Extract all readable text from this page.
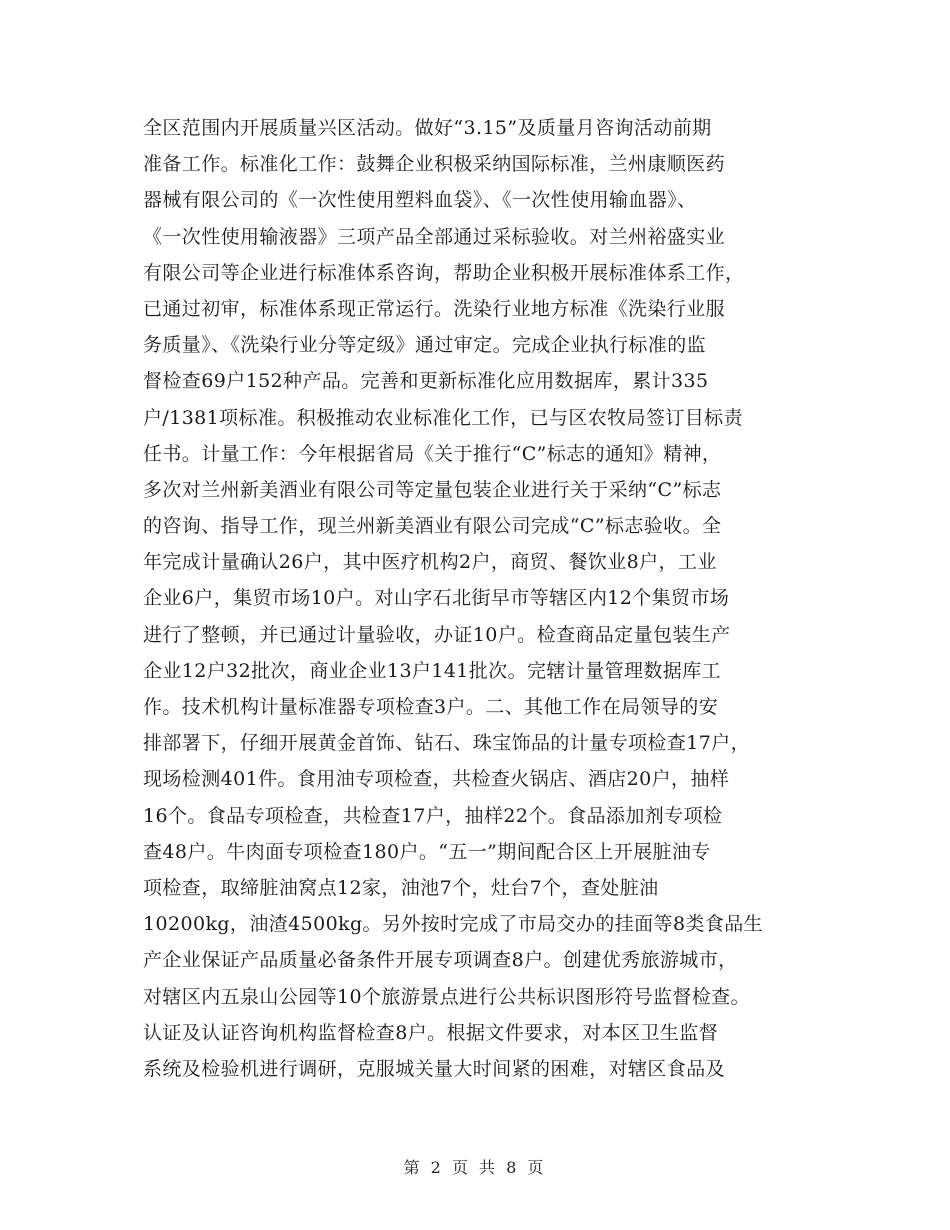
全区范围内开展质量兴区活动。做好“3.15”及质量月咨询活动前期
准备工作。标准化工作：鼓舞企业积极采纳国际标准，兰州康顺医药
器械有限公司的《一次性使用塑料血袋》、《一次性使用输血器》、
《一次性使用输液器》三项产品全部通过采标验收。对兰州裕盛实业
有限公司等企业进行标准体系咨询，帮助企业积极开展标准体系工作，
已通过初审，标准体系现正常运行。洗染行业地方标准《洗染行业服
务质量》、《洗染行业分等定级》通过审定。完成企业执行标准的监
督检查69户152种产品。完善和更新标准化应用数据库，累计335
户/1381项标准。积极推动农业标准化工作，已与区农牧局签订目标责
任书。计量工作：今年根据省局《关于推行“C”标志的通知》精神，
多次对兰州新美酒业有限公司等定量包装企业进行关于采纳“C”标志
的咨询、指导工作，现兰州新美酒业有限公司完成“C”标志验收。全
年完成计量确认26户，其中医疗机构2户，商贸、餐饮业8户，工业
企业6户，集贸市场10户。对山字石北街早市等辖区内12个集贸市场
进行了整顿，并已通过计量验收，办证10户。检查商品定量包装生产
企业12户32批次，商业企业13户141批次。完辖计量管理数据库工
作。技术机构计量标准器专项检查3户。二、其他工作在局领导的安
排部署下，仔细开展黄金首饰、钻石、珠宝饰品的计量专项检查17户，
现场检测401件。食用油专项检查，共检查火锅店、酒店20户，抽样
16个。食品专项检查，共检查17户，抽样22个。食品添加剂专项检
查48户。牛肉面专项检查180户。“五一”期间配合区上开展脏油专
项检查，取缔脏油窝点12家，油池7个，灶台7个，查处脏油
10200kg，油渣4500kg。另外按时完成了市局交办的挂面等8类食品生
产企业保证产品质量必备条件开展专项调查8户。创建优秀旅游城市，
对辖区内五泉山公园等10个旅游景点进行公共标识图形符号监督检查。
认证及认证咨询机构监督检查8户。根据文件要求，对本区卫生监督
系统及检验机进行调研，克服城关量大时间紧的困难，对辖区食品及
第 2 页 共 8 页
